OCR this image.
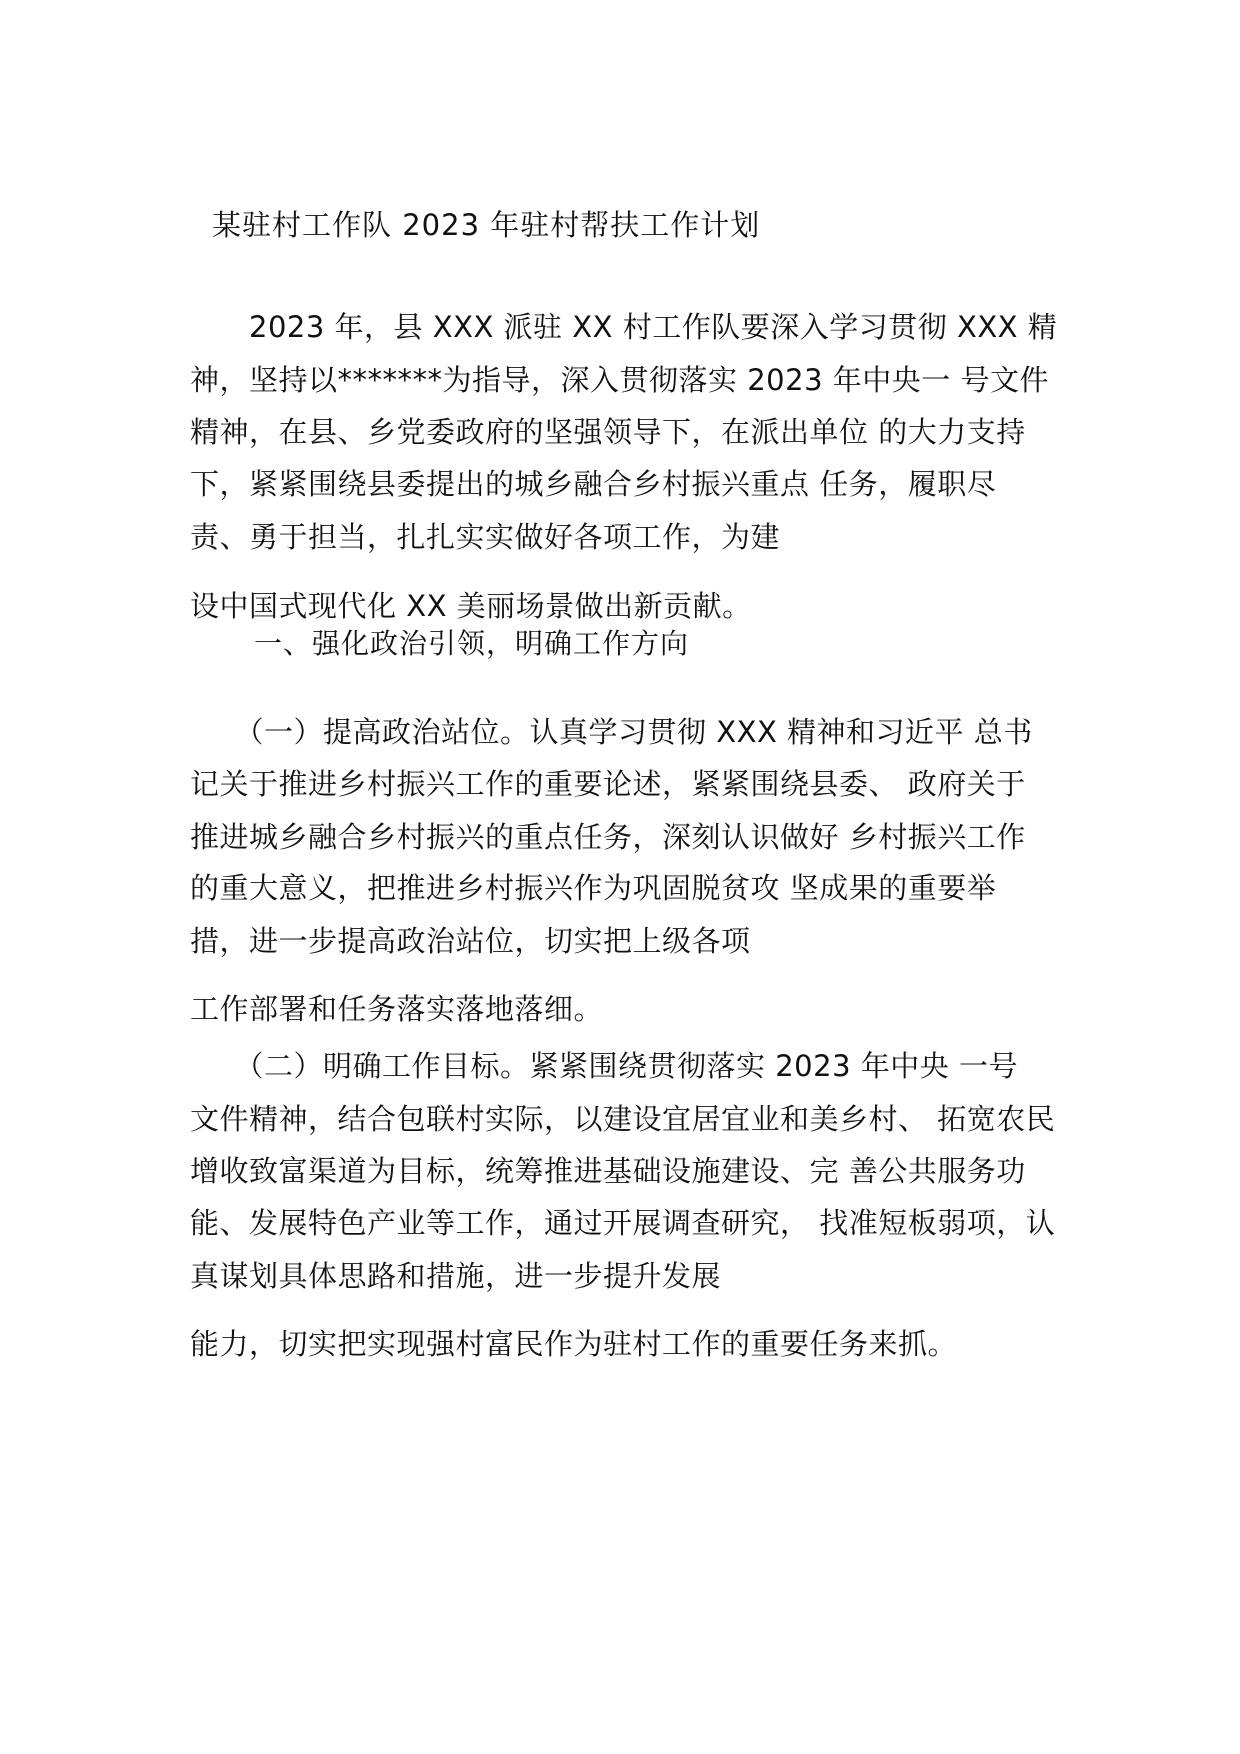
某驻村工作队 2023 年驻村帮扶工作计划
　　2023 年，县 XXX 派驻 XX 村工作队要深入学习贯彻 XXX 精
神，坚持以*******为指导，深入贯彻落实 2023 年中央一 号文件
精神，在县、乡党委政府的坚强领导下，在派出单位 的大力支持
下，紧紧围绕县委提出的城乡融合乡村振兴重点 任务，履职尽
责、勇于担当，扎扎实实做好各项工作，为建
设中国式现代化 XX 美丽场景做出新贡献。
一、强化政治引领，明确工作方向
　　（一）提高政治站位。认真学习贯彻 XXX 精神和习近平 总书
记关于推进乡村振兴工作的重要论述，紧紧围绕县委、 政府关于
推进城乡融合乡村振兴的重点任务，深刻认识做好 乡村振兴工作
的重大意义，把推进乡村振兴作为巩固脱贫攻 坚成果的重要举
措，进一步提高政治站位，切实把上级各项
工作部署和任务落实落地落细。
　　（二）明确工作目标。紧紧围绕贯彻落实 2023 年中央 一号
文件精神，结合包联村实际，以建设宜居宜业和美乡村、 拓宽农民
增收致富渠道为目标，统筹推进基础设施建设、完 善公共服务功
能、发展特色产业等工作，通过开展调查研究， 找准短板弱项，认
真谋划具体思路和措施，进一步提升发展
能力，切实把实现强村富民作为驻村工作的重要任务来抓。
